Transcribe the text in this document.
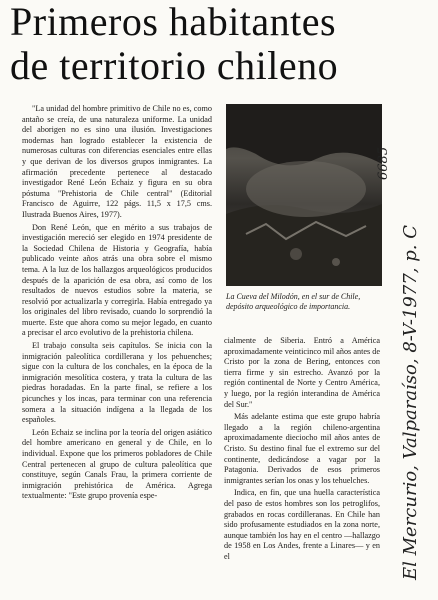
Primeros habitantes
de territorio chileno

"La unidad del hombre primitivo de Chile no es, como antaño se creía, de una naturaleza uniforme. La unidad del aborigen no es sino una ilusión. Investigaciones modernas han logrado establecer la existencia de numerosas culturas con diferencias esenciales entre ellas y que derivan de los diversos grupos inmigrantes. La afirmación precedente pertenece al destacado investigador René León Echaiz y figura en su obra póstuma "Prehistoria de Chile central" (Editorial Francisco de Aguirre, 122 págs. 11,5 x 17,5 cms. Ilustrada Buenos Aires, 1977).

Don René León, que en mérito a sus trabajos de investigación mereció ser elegido en 1974 presidente de la Sociedad Chilena de Historia y Geografía, había publicado veinte años atrás una obra sobre el mismo tema. A la luz de los hallazgos arqueológicos producidos después de la aparición de esa obra, así como de los resultados de nuevos estudios sobre la materia, se resolvió por actualizarla y corregirla. Había entregado ya los originales del libro revisado, cuando lo sorprendió la muerte. Este que ahora como su mejor legado, en cuanto a precisar el arco evolutivo de la prehistoria chilena.

El trabajo consulta seis capítulos. Se inicia con la inmigración paleolítica cordillerana y los pehuenches; sigue con la cultura de los conchales, en la época de la inmigración mesolítica costera, y trata la cultura de las piedras horadadas. En la parte final, se refiere a los picunches y los incas, para terminar con una referencia somera a la situación indígena a la llegada de los españoles.

León Echaiz se inclina por la teoría del origen asiático del hombre americano en general y de Chile, en lo individual. Expone que los primeros pobladores de Chile Central pertenecen al grupo de cultura paleolítica que constituye, según Canals Frau, la primera corriente de inmigración prehistórica de América. Agrega textualmente: "Este grupo provenía espe-

La Cueva del Milodón, en el sur de Chile, depósito arqueológico de importancia.

cialmente de Siberia. Entró a América aproximadamente veinticinco mil años antes de Cristo por la zona de Bering, entonces con tierra firme y sin estrecho. Avanzó por la región continental de Norte y Centro América, y luego, por la región interandina de América del Sur."

Más adelante estima que este grupo habría llegado a la región chileno-argentina aproximadamente dieciocho mil años antes de Cristo. Su destino final fue el extremo sur del continente, dedicándose a vagar por la Patagonia. Derivados de esos primeros inmigrantes serían los onas y los tehuelches.

Indica, en fin, que una huella característica del paso de estos hombres son los petroglifos, grabados en rocas cordilleranas. En Chile han sido profusamente estudiados en la zona norte, aunque también los hay en el centro —hallazgo de 1958 en Los Andes, frente a Linares— y en el

6685
El Mercurio, Valparaíso, 8-V-1977, p. C
